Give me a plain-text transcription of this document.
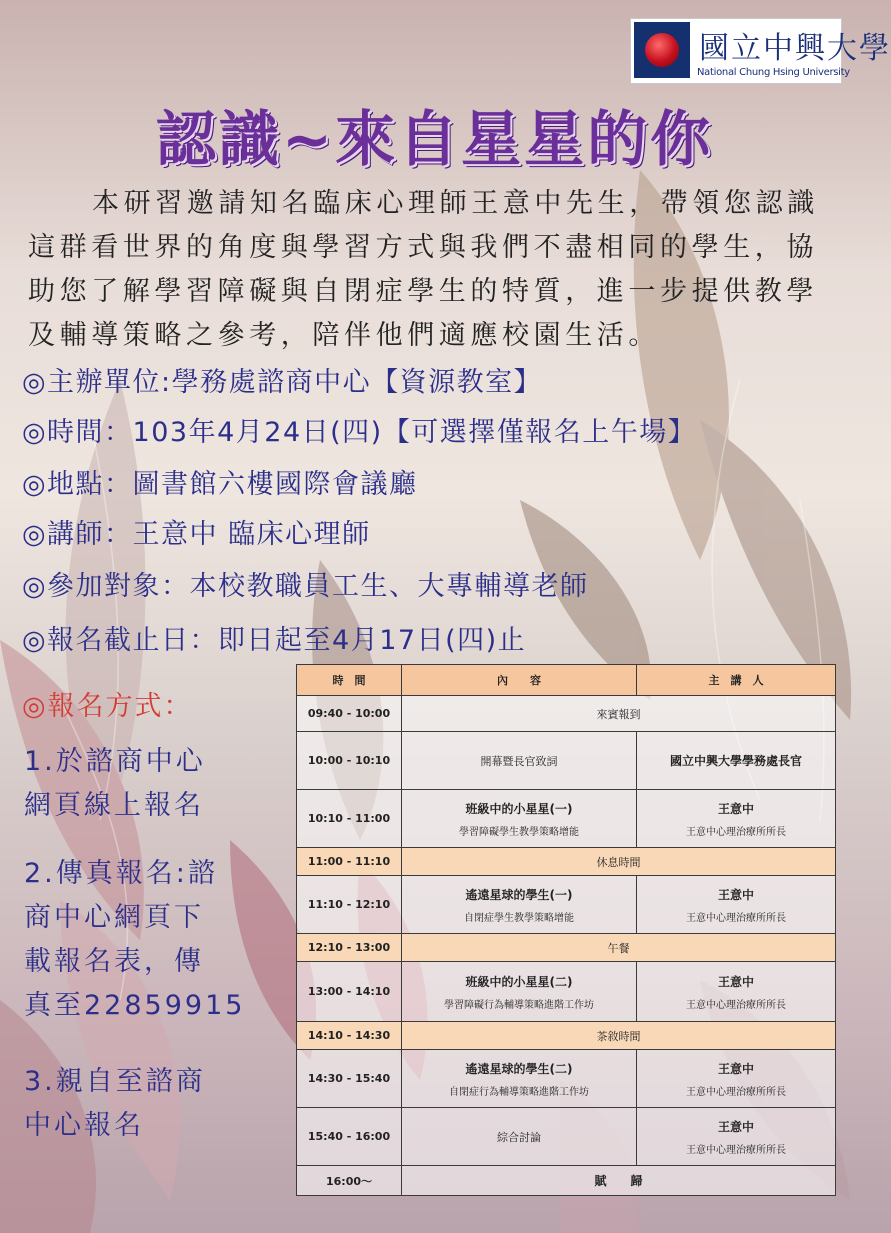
國立中興大學
National Chung Hsing University
認識~來自星星的你
本研習邀請知名臨床心理師王意中先生，帶領您認識這群看世界的角度與學習方式與我們不盡相同的學生，協助您了解學習障礙與自閉症學生的特質，進一步提供教學及輔導策略之參考，陪伴他們適應校園生活。
◎主辦單位:學務處諮商中心【資源教室】
◎時間：103年4月24日(四)【可選擇僅報名上午場】
◎地點：圖書館六樓國際會議廳
◎講師：王意中 臨床心理師
◎參加對象：本校教職員工生、大專輔導老師
◎報名截止日：即日起至4月17日(四)止
◎報名方式：
1.於諮商中心
網頁線上報名
2.傳真報名:諮
商中心網頁下
載報名表，傳
真至22859915
3.親自至諮商
中心報名
時　間	內　　容	主　講　人
09:40 - 10:00	來賓報到	
10:00 - 10:10	開幕暨長官致詞	國立中興大學學務處長官
10:10 - 11:00	班級中的小星星(一)
學習障礙學生教學策略增能	王意中
王意中心理治療所所長

11:00 - 11:10	休息時間	
11:10 - 12:10	遙遠星球的學生(一)
自閉症學生教學策略增能	王意中
王意中心理治療所所長

12:10 - 13:00	午餐	
13:00 - 14:10	班級中的小星星(二)
學習障礙行為輔導策略進階工作坊	王意中
王意中心理治療所所長

14:10 - 14:30	茶敘時間	
14:30 - 15:40	遙遠星球的學生(二)
自閉症行為輔導策略進階工作坊	王意中
王意中心理治療所所長

15:40 - 16:00	綜合討論	王意中
王意中心理治療所所長

16:00～	賦　　歸	
